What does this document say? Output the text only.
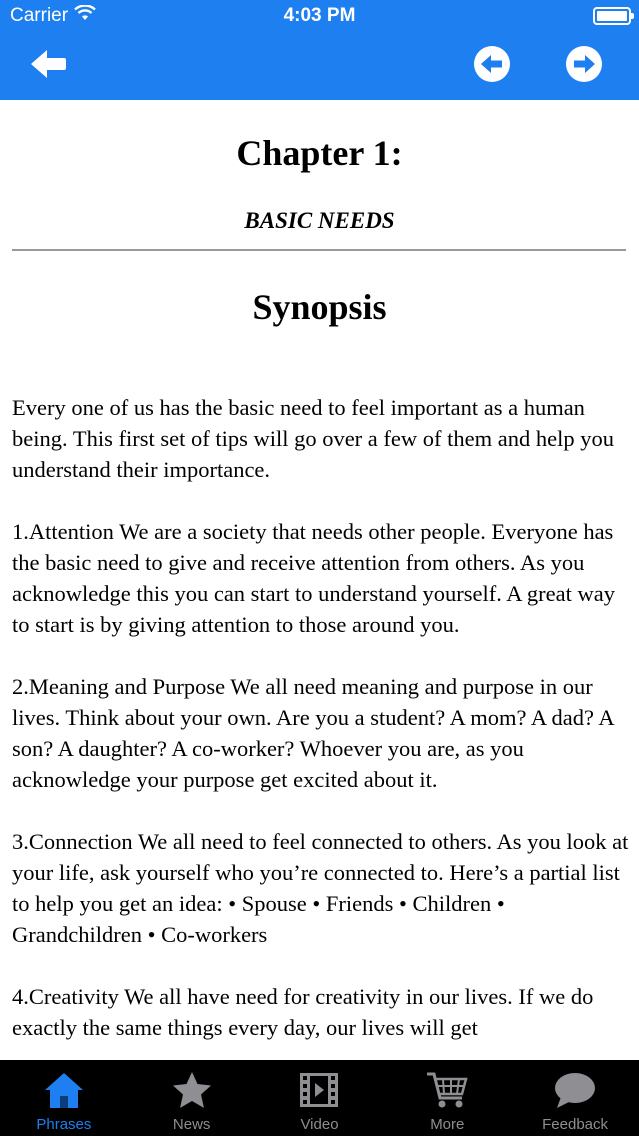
Carrier	4:03 PM
Chapter 1:
BASIC NEEDS
Synopsis

Every one of us has the basic need to feel important as a human being. This first set of tips will go over a few of them and help you understand their importance.

1.Attention We are a society that needs other people. Everyone has the basic need to give and receive attention from others. As you acknowledge this you can start to understand yourself. A great way to start is by giving attention to those around you.

2.Meaning and Purpose We all need meaning and purpose in our lives. Think about your own. Are you a student? A mom? A dad? A son? A daughter? A co-worker? Whoever you are, as you acknowledge your purpose get excited about it.

3.Connection We all need to feel connected to others. As you look at your life, ask yourself who you’re connected to. Here’s a partial list to help you get an idea: • Spouse • Friends • Children • Grandchildren • Co-workers

4.Creativity We all have need for creativity in our lives. If we do exactly the same things every day, our lives will get

Phrases	News	Video	More	Feedback
